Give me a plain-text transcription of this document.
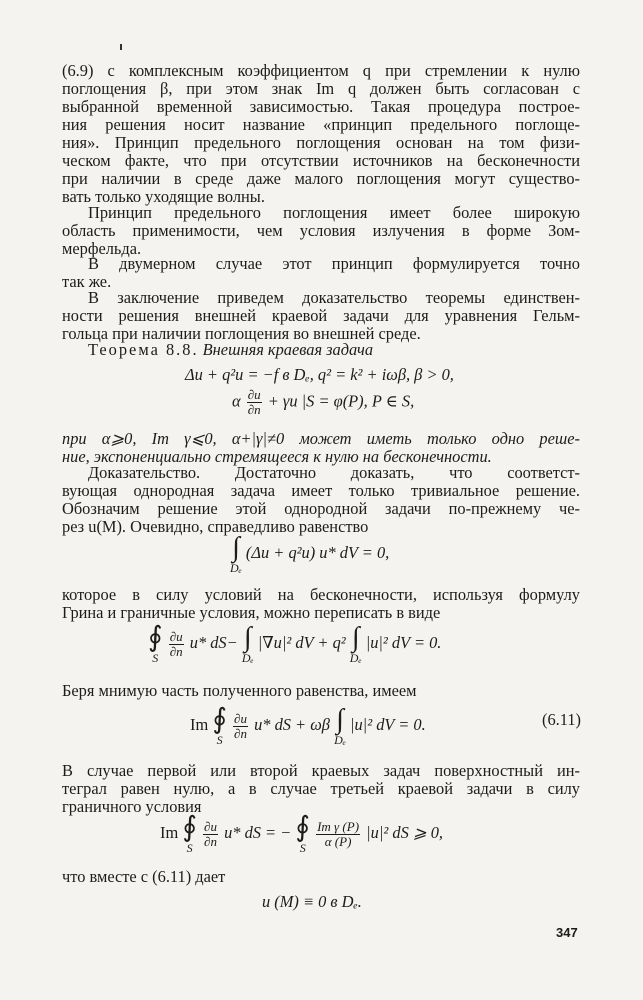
(6.9) с комплексным коэффициентом q при стремлении к нулю
поглощения β, при этом знак Im q должен быть согласован с
выбранной временной зависимостью. Такая процедура построе-
ния решения носит название «принцип предельного поглоще-
ния». Принцип предельного поглощения основан на том физи-
ческом факте, что при отсутствии источников на бесконечности
при наличии в среде даже малого поглощения могут существо-
вать только уходящие волны.
Принцип предельного поглощения имеет более широкую
область применимости, чем условия излучения в форме Зом-
мерфельда.
В двумерном случае этот принцип формулируется точно
так же.
В заключение приведем доказательство теоремы единствен-
ности решения внешней краевой задачи для уравнения Гельм-
гольца при наличии поглощения во внешней среде.
Теорема 8.8. Внешняя краевая задача
Δu + q²u = −f в Dₑ, q² = k² + iωβ, β > 0,
α $\frac{\partial u}{\partial n} + \gamma u$ |S = φ(P), P ∈ S,
при α⩾0, Im γ⩽0, α+|γ|≠0 может иметь только одно реше-
ние, экспоненциально стремящееся к нулю на бесконечности.
Доказательство. Достаточно доказать, что соответст-
вующая однородная задача имеет только тривиальное решение.
Обозначим решение этой однородной задачи по-прежнему че-
рез u(M). Очевидно, справедливо равенство
∫
Dₑ
(Δu + q²u) u* dV = 0,
которое в силу условий на бесконечности, используя формулу
Грина и граничные условия, можно переписать в виде
∮
S
$\frac{\partial u}{\partial n} u*$ dS− ∫
Dₑ
|∇u|² dV + q² ∫
Dₑ
|u|² dV = 0.
Беря мнимую часть полученного равенства, имеем
Im ∮
S
$\frac{\partial u}{\partial n} u*$ dS + ωβ ∫
Dₑ
|u|² dV = 0.	(6.11)
В случае первой или второй краевых задач поверхностный ин-
теграл равен нулю, а в случае третьей краевой задачи в силу
граничного условия
Im ∮
S
$\frac{\partial u}{\partial n} u*$ dS = − ∮
S
$\frac{\text{Im γ (P)}}{\alpha (P)} |u|^2$ dS ⩾ 0,
что вместе с (6.11) дает
u (M) ≡ 0 в Dₑ.
347
